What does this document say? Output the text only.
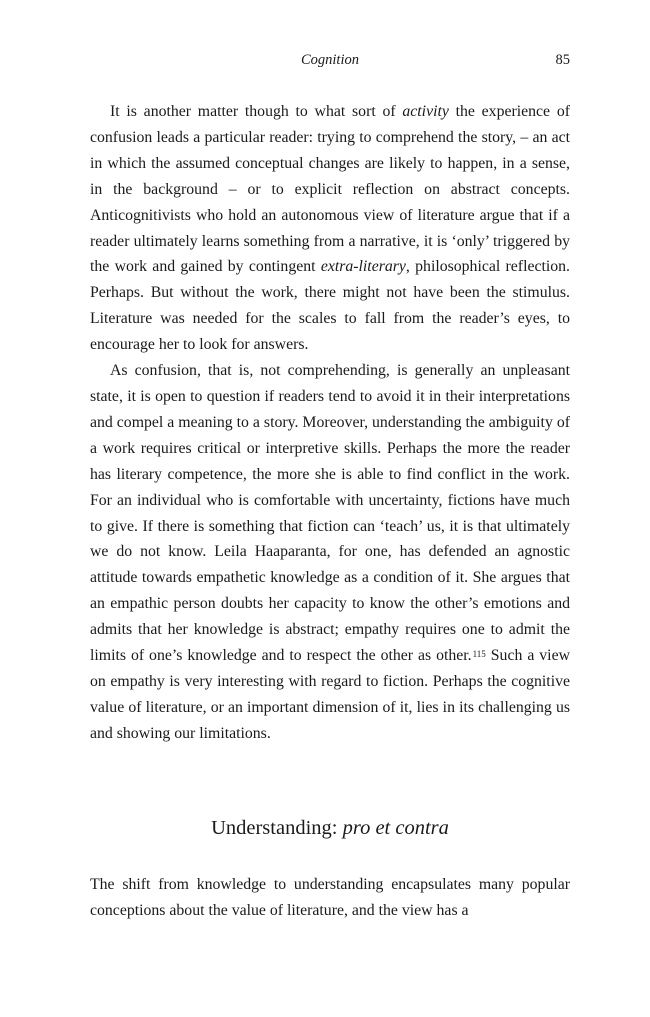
Cognition	85

It is another matter though to what sort of activity the experience of confusion leads a particular reader: trying to comprehend the story, – an act in which the assumed conceptual changes are likely to happen, in a sense, in the background – or to explicit reflection on abstract concepts. Anticognitivists who hold an autonomous view of literature argue that if a reader ultimately learns something from a narrative, it is ‘only’ triggered by the work and gained by contingent extra-literary, philosophical reflection. Perhaps. But without the work, there might not have been the stimulus. Literature was needed for the scales to fall from the reader’s eyes, to encourage her to look for answers.

As confusion, that is, not comprehending, is generally an unpleasant state, it is open to question if readers tend to avoid it in their interpretations and compel a meaning to a story. Moreover, understanding the ambiguity of a work requires critical or interpretive skills. Perhaps the more the reader has literary competence, the more she is able to find conflict in the work. For an individual who is comfortable with uncertainty, fictions have much to give. If there is something that fiction can ‘teach’ us, it is that ultimately we do not know. Leila Haaparanta, for one, has defended an agnostic attitude towards empathetic knowledge as a condition of it. She argues that an empathic person doubts her capacity to know the other’s emotions and admits that her knowledge is abstract; empathy requires one to admit the limits of one’s knowledge and to respect the other as other.$^{115}$ Such a view on empathy is very interesting with regard to fiction. Perhaps the cognitive value of literature, or an important dimension of it, lies in its challenging us and showing our limitations.

Understanding: pro et contra

The shift from knowledge to understanding encapsulates many popular conceptions about the value of literature, and the view has a
